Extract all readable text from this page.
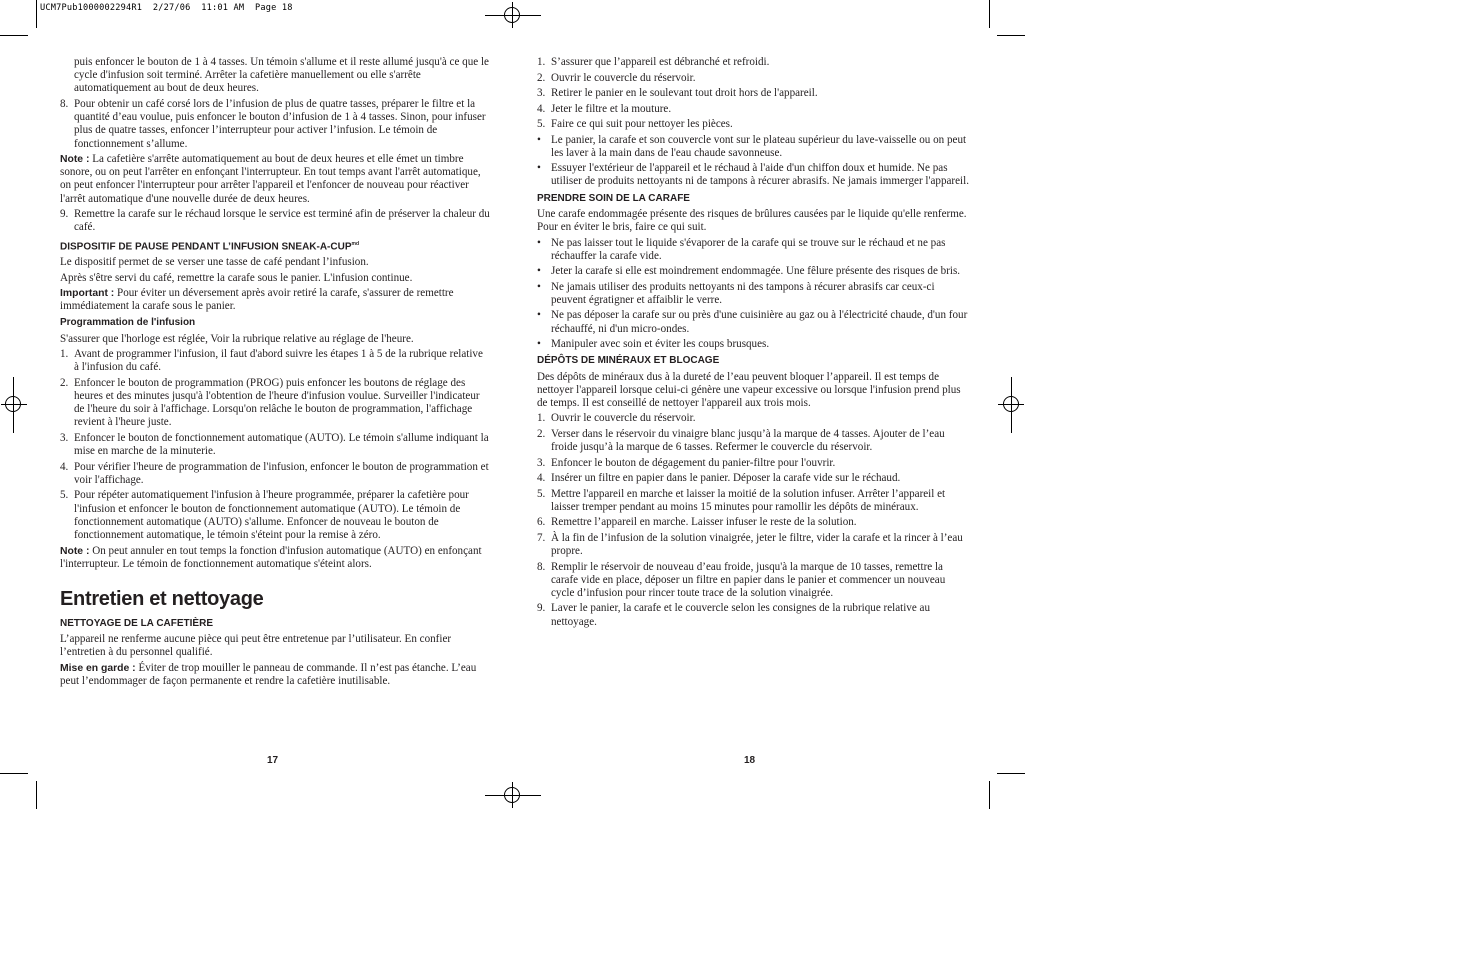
UCM7Pub1000002294R1  2/27/06  11:01 AM  Page 18

puis enfoncer le bouton de 1 à 4 tasses. Un témoin s'allume et il reste allumé jusqu'à ce que le cycle d'infusion soit terminé. Arrêter la cafetière manuellement ou elle s'arrête automatiquement au bout de deux heures.

8. Pour obtenir un café corsé lors de l’infusion de plus de quatre tasses, préparer le filtre et la quantité d’eau voulue, puis enfoncer le bouton d’infusion de 1 à 4 tasses. Sinon, pour infuser plus de quatre tasses, enfoncer l’interrupteur pour activer l’infusion. Le témoin de fonctionnement s’allume.

Note : La cafetière s'arrête automatiquement au bout de deux heures et elle émet un timbre sonore, ou on peut l'arrêter en enfonçant l'interrupteur. En tout temps avant l'arrêt automatique, on peut enfoncer l'interrupteur pour arrêter l'appareil et l'enfoncer de nouveau pour réactiver l'arrêt automatique d'une nouvelle durée de deux heures.

9. Remettre la carafe sur le réchaud lorsque le service est terminé afin de préserver la chaleur du café.
DISPOSITIF DE PAUSE PENDANT L’INFUSION SNEAK-$A-CUP^{md}$

Le dispositif permet de se verser une tasse de café pendant l’infusion.

Après s'être servi du café, remettre la carafe sous le panier. L'infusion continue.

Important : Pour éviter un déversement après avoir retiré la carafe, s'assurer de remettre immédiatement la carafe sous le panier.

Programmation de l'infusion

S'assurer que l'horloge est réglée, Voir la rubrique relative au réglage de l'heure.

1. Avant de programmer l'infusion, il faut d'abord suivre les étapes 1 à 5 de la rubrique relative à l'infusion du café.
2. Enfoncer le bouton de programmation (PROG) puis enfoncer les boutons de réglage des heures et des minutes jusqu'à l'obtention de l'heure d'infusion voulue. Surveiller l'indicateur de l'heure du soir à l'affichage. Lorsqu'on relâche le bouton de programmation, l'affichage revient à l'heure juste.
3. Enfoncer le bouton de fonctionnement automatique (AUTO). Le témoin s'allume indiquant la mise en marche de la minuterie.
4. Pour vérifier l'heure de programmation de l'infusion, enfoncer le bouton de programmation et voir l'affichage.
5. Pour répéter automatiquement l'infusion à l'heure programmée, préparer la cafetière pour l'infusion et enfoncer le bouton de fonctionnement automatique (AUTO). Le témoin de fonctionnement automatique (AUTO) s'allume. Enfoncer de nouveau le bouton de fonctionnement automatique, le témoin s'éteint pour la remise à zéro.

Note : On peut annuler en tout temps la fonction d'infusion automatique (AUTO) en enfonçant l'interrupteur. Le témoin de fonctionnement automatique s'éteint alors.

Entretien et nettoyage
NETTOYAGE DE LA CAFETIÈRE

L’appareil ne renferme aucune pièce qui peut être entretenue par l’utilisateur. En confier l’entretien à du personnel qualifié.

Mise en garde : Éviter de trop mouiller le panneau de commande. Il n’est pas étanche. L’eau peut l’endommager de façon permanente et rendre la cafetière inutilisable.

17
1. S’assurer que l’appareil est débranché et refroidi.
2. Ouvrir le couvercle du réservoir.
3. Retirer le panier en le soulevant tout droit hors de l'appareil.
4. Jeter le filtre et la mouture.
5. Faire ce qui suit pour nettoyer les pièces.
• Le panier, la carafe et son couvercle vont sur le plateau supérieur du lave-vaisselle ou on peut les laver à la main dans de l'eau chaude savonneuse.
• Essuyer l'extérieur de l'appareil et le réchaud à l'aide d'un chiffon doux et humide. Ne pas utiliser de produits nettoyants ni de tampons à récurer abrasifs. Ne jamais immerger l'appareil.
PRENDRE SOIN DE LA CARAFE

Une carafe endommagée présente des risques de brûlures causées par le liquide qu'elle renferme. Pour en éviter le bris, faire ce qui suit.

• Ne pas laisser tout le liquide s'évaporer de la carafe qui se trouve sur le réchaud et ne pas réchauffer la carafe vide.
• Jeter la carafe si elle est moindrement endommagée. Une fêlure présente des risques de bris.
• Ne jamais utiliser des produits nettoyants ni des tampons à récurer abrasifs car ceux-ci peuvent égratigner et affaiblir le verre.
• Ne pas déposer la carafe sur ou près d'une cuisinière au gaz ou à l'électricité chaude, d'un four réchauffé, ni d'un micro-ondes.
• Manipuler avec soin et éviter les coups brusques.
DÉPÔTS DE MINÉRAUX ET BLOCAGE

Des dépôts de minéraux dus à la dureté de l’eau peuvent bloquer l’appareil. Il est temps de nettoyer l'appareil lorsque celui-ci génère une vapeur excessive ou lorsque l'infusion prend plus de temps. Il est conseillé de nettoyer l'appareil aux trois mois.

1. Ouvrir le couvercle du réservoir.
2. Verser dans le réservoir du vinaigre blanc jusqu’à la marque de 4 tasses. Ajouter de l’eau froide jusqu’à la marque de 6 tasses. Refermer le couvercle du réservoir.
3. Enfoncer le bouton de dégagement du panier-filtre pour l'ouvrir.
4. Insérer un filtre en papier dans le panier. Déposer la carafe vide sur le réchaud.
5. Mettre l'appareil en marche et laisser la moitié de la solution infuser. Arrêter l’appareil et laisser tremper pendant au moins 15 minutes pour ramollir les dépôts de minéraux.
6. Remettre l’appareil en marche. Laisser infuser le reste de la solution.
7. À la fin de l’infusion de la solution vinaigrée, jeter le filtre, vider la carafe et la rincer à l’eau propre.
8. Remplir le réservoir de nouveau d’eau froide, jusqu'à la marque de 10 tasses, remettre la carafe vide en place, déposer un filtre en papier dans le panier et commencer un nouveau cycle d’infusion pour rincer toute trace de la solution vinaigrée.
9. Laver le panier, la carafe et le couvercle selon les consignes de la rubrique relative au nettoyage.
18
